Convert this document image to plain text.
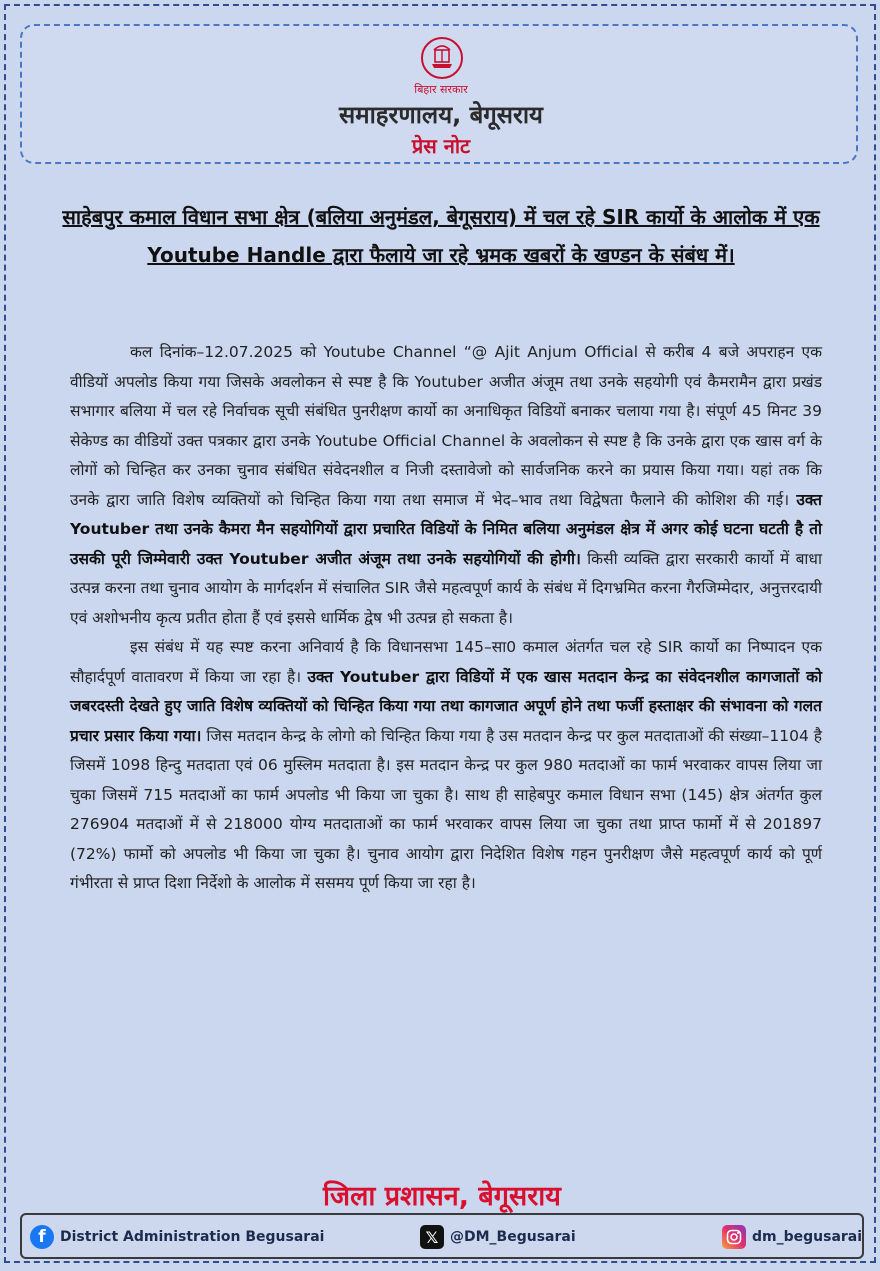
बिहार सरकार
समाहरणालय, बेगूसराय
प्रेस नोट
साहेबपुर कमाल विधान सभा क्षेत्र (बलिया अनुमंडल, बेगूसराय) में चल रहे SIR कार्यो के आलोक में एक Youtube Handle द्वारा फैलाये जा रहे भ्रमक खबरों के खण्डन के संबंध में।

कल दिनांक–12.07.2025 को Youtube Channel “@ Ajit Anjum Official से करीब 4 बजे अपराहन एक वीडियों अपलोड किया गया जिसके अवलोकन से स्पष्ट है कि Youtuber अजीत अंजूम तथा उनके सहयोगी एवं कैमरामैन द्वारा प्रखंड सभागार बलिया में चल रहे निर्वाचक सूची संबंधित पुनरीक्षण कार्यो का अनाधिकृत विडियों बनाकर चलाया गया है। संपूर्ण 45 मिनट 39 सेकेण्ड का वीडियों उक्त पत्रकार द्वारा उनके Youtube Official Channel के अवलोकन से स्पष्ट है कि उनके द्वारा एक खास वर्ग के लोगों को चिन्हित कर उनका चुनाव संबंधित संवेदनशील व निजी दस्तावेजो को सार्वजनिक करने का प्रयास किया गया। यहां तक कि उनके द्वारा जाति विशेष व्यक्तियों को चिन्हित किया गया तथा समाज में भेद–भाव तथा विद्वेषता फैलाने की कोशिश की गई। उक्त Youtuber तथा उनके कैमरा मैन सहयोगियों द्वारा प्रचारित विडियों के निमित बलिया अनुमंडल क्षेत्र में अगर कोई घटना घटती है तो उसकी पूरी जिम्मेवारी उक्त Youtuber अजीत अंजूम तथा उनके सहयोगियों की होगी। किसी व्यक्ति द्वारा सरकारी कार्यो में बाधा उत्पन्न करना तथा चुनाव आयोग के मार्गदर्शन में संचालित SIR जैसे महत्वपूर्ण कार्य के संबंध में दिगभ्रमित करना गैरजिम्मेदार, अनुत्तरदायी एवं अशोभनीय कृत्य प्रतीत होता हैं एवं इससे धार्मिक द्वेष भी उत्पन्न हो सकता है।

इस संबंध में यह स्पष्ट करना अनिवार्य है कि विधानसभा 145–सा0 कमाल अंतर्गत चल रहे SIR कार्यो का निष्पादन एक सौहार्दपूर्ण वातावरण में किया जा रहा है। उक्त Youtuber द्वारा विडियों में एक खास मतदान केन्द्र का संवेदनशील कागजातों को जबरदस्ती देखते हुए जाति विशेष व्यक्तियों को चिन्हित किया गया तथा कागजात अपूर्ण होने तथा फर्जी हस्ताक्षर की संभावना को गलत प्रचार प्रसार किया गया। जिस मतदान केन्द्र के लोगो को चिन्हित किया गया है उस मतदान केन्द्र पर कुल मतदाताओं की संख्या–1104 है जिसमें 1098 हिन्दु मतदाता एवं 06 मुस्लिम मतदाता है। इस मतदान केन्द्र पर कुल 980 मतदाओं का फार्म भरवाकर वापस लिया जा चुका जिसमें 715 मतदाओं का फार्म अपलोड भी किया जा चुका है। साथ ही साहेबपुर कमाल विधान सभा (145) क्षेत्र अंतर्गत कुल 276904 मतदाओं में से 218000 योग्य मतदाताओं का फार्म भरवाकर वापस लिया जा चुका तथा प्राप्त फार्मो में से 201897 (72%) फार्मो को अपलोड भी किया जा चुका है। चुनाव आयोग द्वारा निदेशित विशेष गहन पुनरीक्षण जैसे महत्वपूर्ण कार्य को पूर्ण गंभीरता से प्राप्त दिशा निर्देशो के आलोक में ससमय पूर्ण किया जा रहा है।

जिला प्रशासन, बेगूसराय
f	District Administration Begusarai	𝕏 @DM_Begusarai	dm_begusarai
